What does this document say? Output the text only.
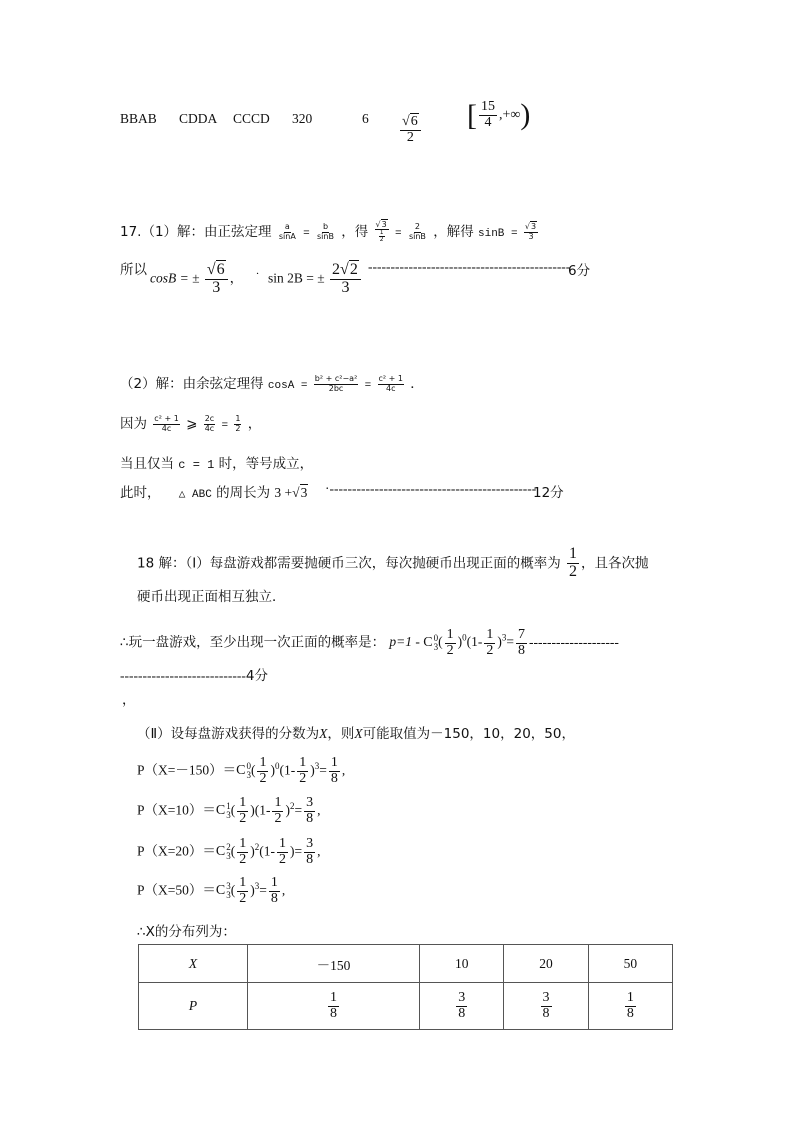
BBAB CDDA CCCD 320	$6 \frac{√6}{2}$ [ $\frac{15}{4}$ ,+∞)
17.（1）解：由正弦定理 $\frac{a}{\sin A} = \frac{b}{\sin B}$ ，得 $\frac{√3}{\frac{1}{2}} = \frac{2}{\sin B}$ ，解得 $\sin B = \frac{√3}{3}$
所以 cosB = ± $\frac{√6}{3}$ ， ． sin 2B = ± $\frac{2√2}{3}$ ---------------------------------------------
6分
（2）解：由余弦定理得 $\cos A = \frac{\text{b² + c²−a²}}{2bc} = \frac{\text{c² + 1}}{4c}$ ．
因为 $\frac{\text{c² + 1}}{4c}$ ⩾ $\frac{2c}{4c} = \frac{1}{2}$ ，
当且仅当 c = 1 时，等号成立，
此时， △ ABC 的周长为 3 +√3 ·----------------------------------------------
12分
18 解：（Ⅰ）每盘游戏都需要抛硬币三次，每次抛硬币出现正面的概率为 $\frac{1}{2}$ ，且各次抛
硬币出现正面相互独立．
∴玩一盘游戏，至少出现一次正面的概率是： p=1 - C 0
3 ( $\frac{1}{2} )^0(1- \frac{1}{2} )^3= \frac{7}{8}$ --------------------
----------------------------4分
，
（Ⅱ）设每盘游戏获得的分数为X，则X可能取值为－150，10，20，50，
P（X=－150）＝C 0
3 ( $\frac{1}{2} )^0(1- \frac{1}{2} )^3= \frac{1}{8}$ ,
P（X=10）＝C 1
3 ( $\frac{1}{2} )(1- \frac{1}{2} )^2= \frac{3}{8}$ ,
P（X=20）＝C 2
3 ( $\frac{1}{2} )^2(1- \frac{1}{2}$ )= $\frac{3}{8}$ ,
P（X=50）＝C 3
3 ( $\frac{1}{2} )^3= \frac{1}{8}$ ,
∴X的分布列为：
X	－150	10	20	50
P	$\frac{1}{8}$	$\frac{3}{8}$	$\frac{3}{8}$	$\frac{1}{8}$
